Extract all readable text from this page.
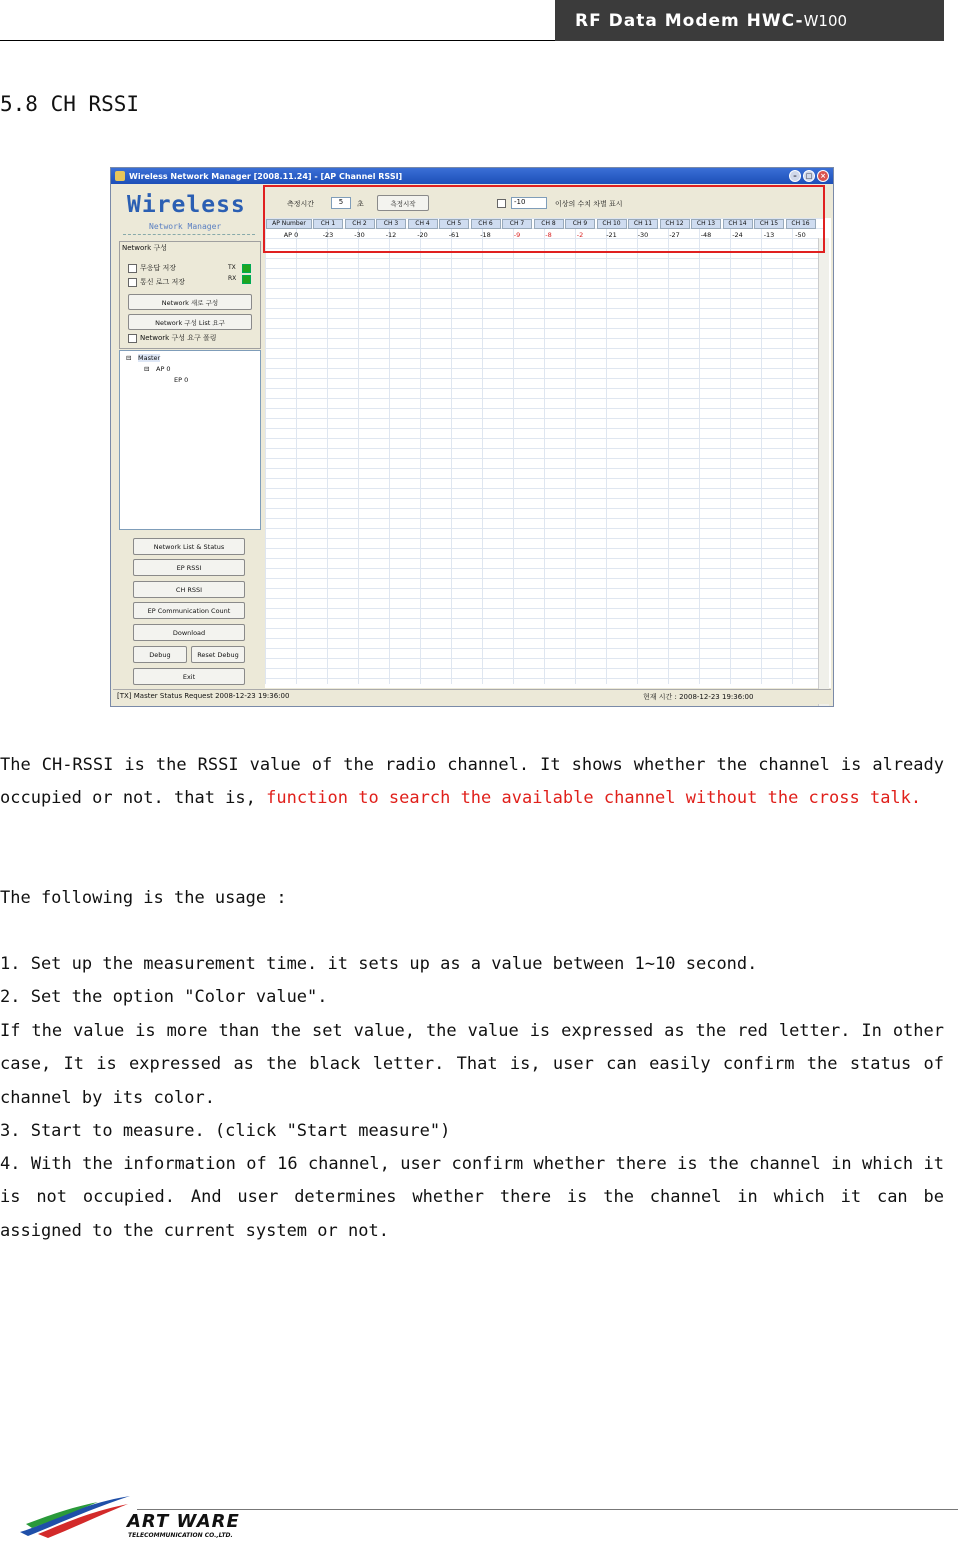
RF Data Modem HWC- W100
5.8 CH RSSI
Wireless Network Manager [2008.11.24] - [AP Channel RSSI]	–	□	×
Wireless
Network Manager
Network 구성
무응답 저장
통신 로그 저장
TX
RX
Network 새로 구성
Network 구성 List 요구
Network 구성 요구 폴링
⊟ Master
⊟ AP 0
EP 0
Network List & Status
EP RSSI
CH RSSI
EP Communication Count
Download
Debug	Reset Debug
Exit
측정시간	5	초	측정시작	-10	이상의 수치 차별 표시
AP Number	CH 1	CH 2	CH 3	CH 4	CH 5	CH 6	CH 7	CH 8	CH 9	CH 10	CH 11	CH 12	CH 13	CH 14	CH 15	CH 16
AP 0	-23	-30	-12	-20	-61	-18	-9	-8	-2	-21	-30	-27	-48	-24	-13	-50
[TX] Master Status Request 2008-12-23 19:36:00	현재 시간 : 2008-12-23 19:36:00

The CH-RSSI is the RSSI value of the radio channel. It shows whether the channel is already occupied or not. that is, function to search the available channel without the cross talk.

The following is the usage :

1. Set up the measurement time. it sets up as a value between 1~10 second.

2. Set the option "Color value".

If the value is more than the set value, the value is expressed as the red letter. In other case, It is expressed as the black letter. That is, user can easily confirm the status of channel by its color.

3. Start to measure. (click "Start measure")

4. With the information of 16 channel, user confirm whether there is the channel in which it is not occupied. And user determines whether there is the channel in which it can be assigned to the current system or not.

ART WARE
TELECOMMUNICATION CO.,LTD.
